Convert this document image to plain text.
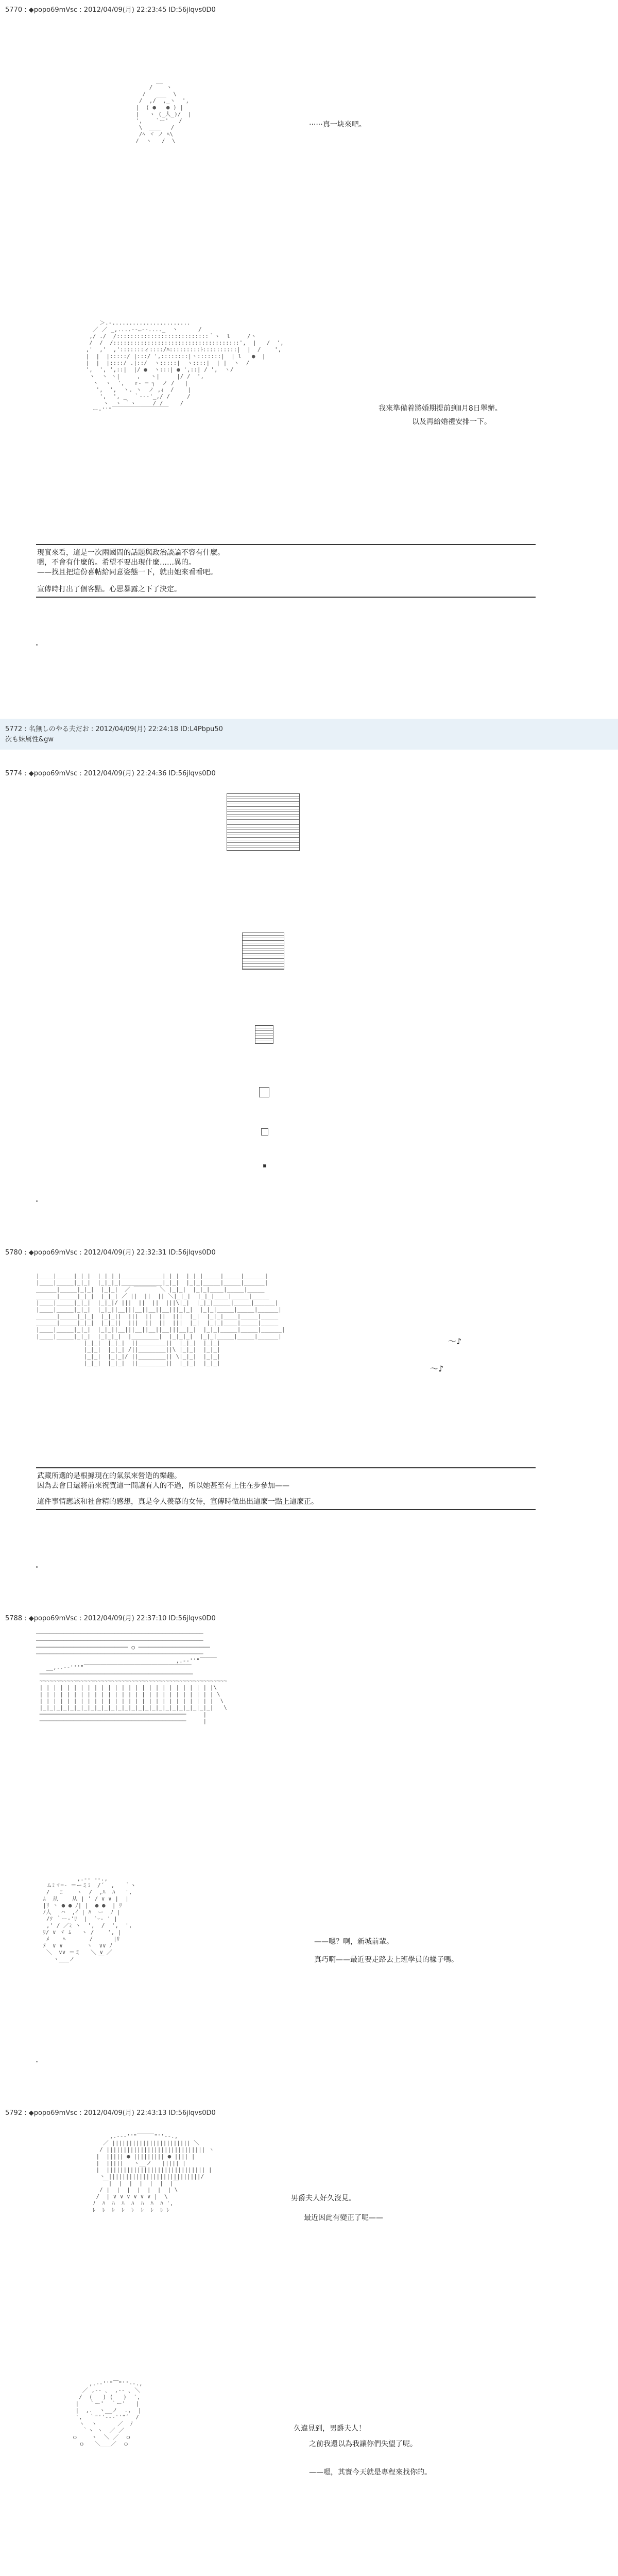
5770 : ◆popo69mVsc : 2012/04/09(月) 22:23:45 ID:56jlqvs0D0
__
/    ヽ
/   ___  \
/  ,/  ,_ヽ  ',
|  ( ●   ● ) |
|   ヽ (_人_)/  |
',    `ー'   /
\  ＿＿   /
/ﾍ ヾ ノ ﾍ\
/  ヽ   /  \

······真一块來吧。
＞.-.......................
／ ／ _,....-‐…‐-...._  ヽ      /
,/ ./  /:::::::::::::::::::::::::::｀ヽ  l     /ヽ
/  /  /:::::::::::::::::::::::::::::::::::::',  |   /  ',
,'  ,'  ,':::::::ィ::::/ﾊ:::::::::ﾄ::::::::::|  |  /    ',
|  |  |:::::/ |:::/ ',::::::::|ヽ:::::::|  | l   ●  |
|  |  |::::/ .|::/  ヽ:::::|  ヽ::::|  | |  ヽ  /
',  ', ',::|  |/ ●  ヽ:::| ● ',::| / ',  ヽ/
ヽ  ヽ ヽ|     ,   ヽ|     |/ /  ',
ヽ  ヽ  ',   r‐ ─ ┐  ノ /   |
',  ',  ヽ. ヽ  ノ ,ｨ  /    |
',  ', _  ｀‐-‐'_,/ /     /
ヽ  ヽ ｀ヽ     / /     /
ー‐''"￣￣￣￣￣￣￣￣￣￣	我來準備着將婚期提前到Ⅱ月8日舉辦。
以及再給婚禮安排一下。
現實來看，這是一次兩國間的話題與政治談論不容有什麼。
嗯，不會有什麼的。希望不要出現什麼……異的。
——找且把這份喜帖給同意姿態一下，就由她來看看吧。
宣傳時打出了個客點。心思暴露之下了決定。
5772 : 名無しのやる夫だお : 2012/04/09(月) 22:24:18 ID:L4Pbpu50
次も妹属性&gw
5774 : ◆popo69mVsc : 2012/04/09(月) 22:24:36 ID:56jlqvs0D0
5780 : ◆popo69mVsc : 2012/04/09(月) 22:32:31 ID:56jlqvs0D0
|____|_____|_|_|  |_|_|_|____________|_|_|  |_|_|_____|_____|______|
|____|_____|_|_|  |_|_|_|____________|_|_|  |_|_|_____|_____|______|
______|_____|_|_|  |_|_|  ／ ￣￣￣￣ ＼ |_|_|  |_|_|____|_____|_____
______|_____|_|_|  |_|_| ／ ||  ||  || ＼|_|_|  |_|_|____|_____|_____
|____|_____|_|_|  |_|_|/ |||  ||  ||  |||\|_|  |_|_|_____|_____|______|
|____|_____|_|_|  |_|_||__|||__||__||__|||_|_|  |_|_|_____|_____|______|
______|_____|_|_|  |_|_||  |||  ||  ||  |||  |_|  |_|_|____|_____|_____
______|_____|_|_|  |_|_||  |||  ||  ||  |||  |_|  |_|_|____|_____|_____
|____|_____|_|_|  |_|_||__|||__||__||__|||__|_|  |_|_|_____|_____|______|
|____|_____|_|_|  |_|_|_|  |________|  |_|_|_|  |_|_|_____|_____|______|
|_|_|  |_|_|  ||________||  |_|_|  |_|_|
|_|_|  |_|_| /||________||\ |_|_|  |_|_|
|_|_|  |_|_|/ ||________|| \|_|_|  |_|_|
|_|_|  |_|_|  ||________||  |_|_|  |_|_|

～♪
～♪
武藏所選的是根據現在的氣氛來營造的樂趣。
因為去會日還將前來祝賀這一間讓有人的不過，所以她甚至有上住在步參加——
這件事情應該和社會精的感想，真是令人羨慕的女侍，宣傳時做出出這麼一點上這麼正。
5788 : ◆popo69mVsc : 2012/04/09(月) 22:37:10 ID:56jlqvs0D0
─────────────────────────────────────────────────
─────────────────────────────────────────────────
─────────────────────────── ○ ─────────────────────
─────────────────────────────────────────────────
,.-‐''"￣￣￣
__,..-‐'''"￣￣￣￣￣￣￣￣￣￣￣￣￣￣￣￣￣￣￣
─────────────────────────────────────────────
~~~~~~~~~~~~~~~~~~~~~~~~~~~~~~~~~~~~~~~~~~~~~~~~~~~~~~~
| | | | | | | | | | | | | | | | | | | | | | | | | |\
| | | | | | | | | | | | | | | | | | | | | | | | | | \
| | | | | | | | | | | | | | | | | | | | | | | | | |  \
|_|_|_|_|_|_|_|_|_|_|_|_|_|_|_|_|_|_|_|_|_|_|_|_|_|   \
───────────────────────────────────────────     |
───────────────────────────────────────────     |

,.-‐ ‐-.,
ムﾐヾ=‐ ＝ーミﾐ  /´  ,   ｀ヽ
/   ﾆ    ヽ  /  ,ﾊ  ﾊ   ',
ﾑ  从    从 | ' / ∨ ∨ |  |
|ﾘ ヽ ● ● ﾉ| |  ● ●  | ﾘ
ﾉ人   ⌒  ,ｲ | ﾊ  ー  ﾉ |
/ｿ ｀ー‐'ﾘ  |  `ｰ‐ ' |
,' / ／ﾐ ヽ  ',  /  ',  ',
ﾘ/ ∨ ヾ ﾑ   ヽ /    ', |
ﾒ    ﾍ       /      |ﾘ
ﾒ  ∨ ∨       ヽ  ∨∨ ﾉ
＼  ∨∨ ＝ミ   ＼ ∨ ／
ヽ___ノ       ￣

——嗯？啊，新城前輩。
真巧啊——最近要走路去上班學員的樣子嗎。
5792 : ◆popo69mVsc : 2012/04/09(月) 22:43:13 ID:56jlqvs0D0
,.--‐''"￣￣￣"''‐-.,
／ ||||||||||||||||||||||| ＼
/ ||||||||||||||||||||||||||||| ヽ
|  ||||| ● ||||||||| ● |||| |
|  |||||   ヽ__ノ   ||||| |
|  ||||||||||||||||||||||||||||| |
ヽ |||||||||||||||||||||||||||/
￣|  |  |  |  |  |  |￣
/ |  |  |  |  |  |  | \
/  | ∨ ∨ ∨ ∨ ∨ ∨ |  \
ﾉ  ﾊ  ﾊ  ﾊ  ﾊ  ﾊ  ﾊ  ﾊ ',
ﾚ  ﾚ  ﾚ  ﾚ  ﾚ  ﾚ  ﾚ  ﾚ ﾚ

男爵夫人好久沒見。
最近因此有變正了呢——
,.-‐''"￣"''‐-.,
／ ,-‐ ､  ,-‐ ､ ＼
/  (   ) (   )  ',
|   ｀ー'  ｀ー'   |
|  ,.  ヽ__ノ  .,  |
',  ｀"''‐-‐''"´  /
ヽ  ヽ      ／  ﾉ
｀ヽ ヽ  ／ ／
ｏ    ヽ  ＼ ／  ｏ
ｏ   ＼___／  ｏ

久違見到，男爵夫人！
之前我還以為我讓你們失望了呢。
——嗯，其實今天就是專程來找你的。
